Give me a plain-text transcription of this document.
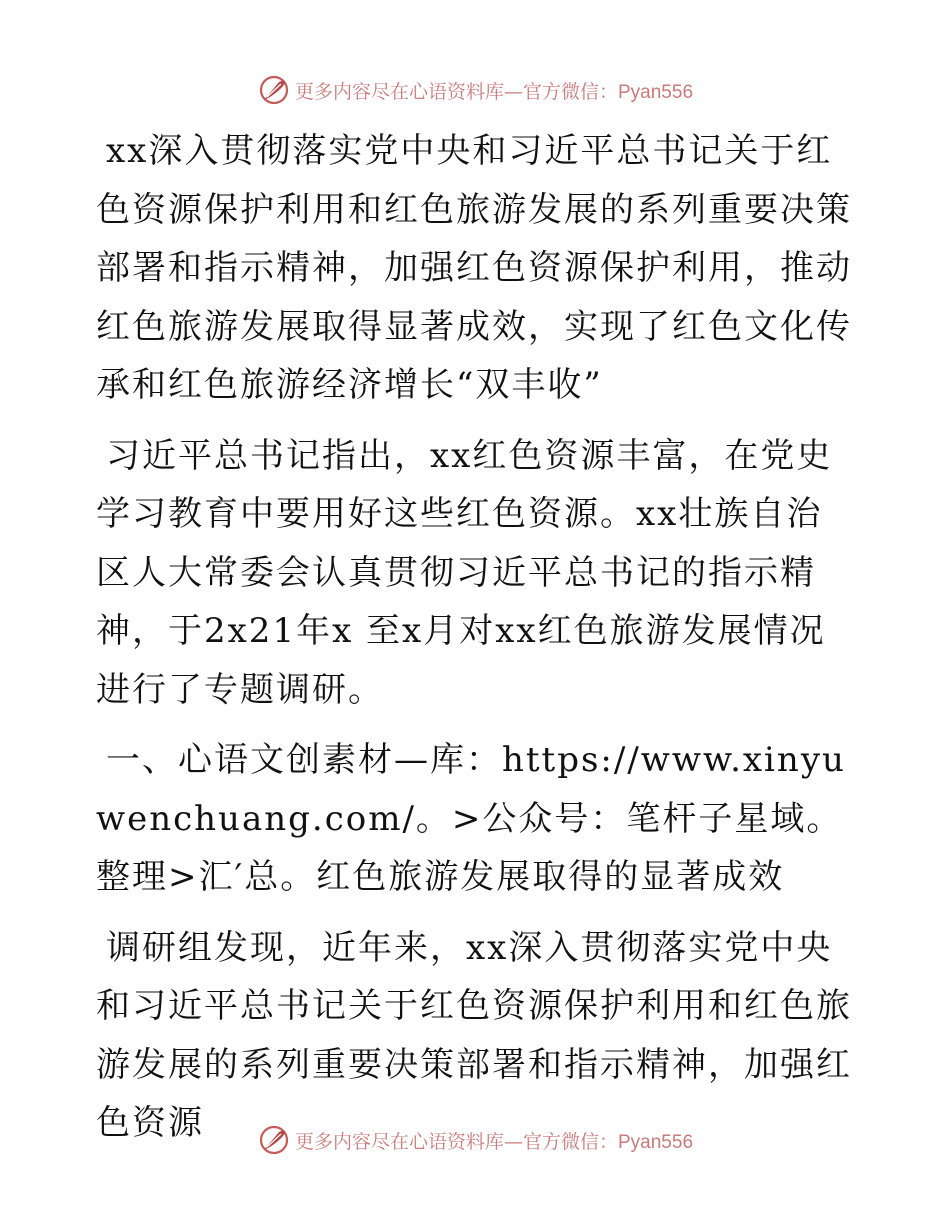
更多内容尽在心语资料库—官方微信：Pyan556

xx深入贯彻落实党中央和习近平总书记关于红色资源保护利用和红色旅游发展的系列重要决策部署和指示精神，加强红色资源保护利用，推动红色旅游发展取得显著成效，实现了红色文化传承和红色旅游经济增长“双丰收”

习近平总书记指出，xx红色资源丰富，在党史学习教育中要用好这些红色资源。xx壮族自治区人大常委会认真贯彻习近平总书记的指示精神，于2x21年x 至x月对xx红色旅游发展情况进行了专题调研。

一、心语文创素材—库：https://www.xinyuwenchuang.com/。>公众号：笔杆子星域。整理>汇′总。红色旅游发展取得的显著成效

调研组发现，近年来，xx深入贯彻落实党中央和习近平总书记关于红色资源保护利用和红色旅游发展的系列重要决策部署和指示精神，加强红色资源	更多内容尽在心语资料库—官方微信：Pyan556
